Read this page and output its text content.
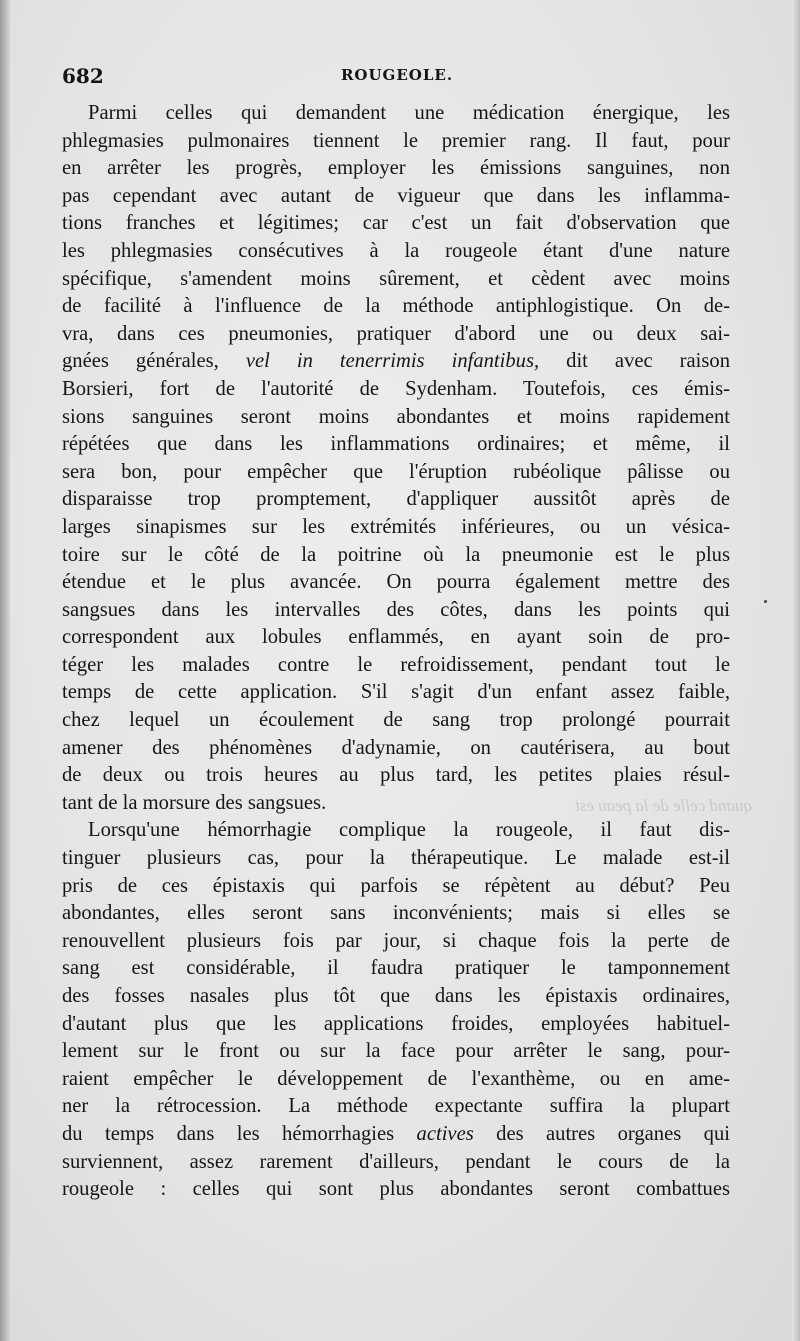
682	ROUGEOLE.
quand celle de la peau est
Parmi celles qui demandent une médication énergique, les
phlegmasies pulmonaires tiennent le premier rang. Il faut, pour
en arrêter les progrès, employer les émissions sanguines, non
pas cependant avec autant de vigueur que dans les inflamma-
tions franches et légitimes; car c'est un fait d'observation que
les phlegmasies consécutives à la rougeole étant d'une nature
spécifique, s'amendent moins sûrement, et cèdent avec moins
de facilité à l'influence de la méthode antiphlogistique. On de-
vra, dans ces pneumonies, pratiquer d'abord une ou deux sai-
gnées générales, vel in tenerrimis infantibus, dit avec raison
Borsieri, fort de l'autorité de Sydenham. Toutefois, ces émis-
sions sanguines seront moins abondantes et moins rapidement
répétées que dans les inflammations ordinaires; et même, il
sera bon, pour empêcher que l'éruption rubéolique pâlisse ou
disparaisse trop promptement, d'appliquer aussitôt après de
larges sinapismes sur les extrémités inférieures, ou un vésica-
toire sur le côté de la poitrine où la pneumonie est le plus
étendue et le plus avancée. On pourra également mettre des
sangsues dans les intervalles des côtes, dans les points qui
correspondent aux lobules enflammés, en ayant soin de pro-
téger les malades contre le refroidissement, pendant tout le
temps de cette application. S'il s'agit d'un enfant assez faible,
chez lequel un écoulement de sang trop prolongé pourrait
amener des phénomènes d'adynamie, on cautérisera, au bout
de deux ou trois heures au plus tard, les petites plaies résul-
tant de la morsure des sangsues.
Lorsqu'une hémorrhagie complique la rougeole, il faut dis-
tinguer plusieurs cas, pour la thérapeutique. Le malade est-il
pris de ces épistaxis qui parfois se répètent au début? Peu
abondantes, elles seront sans inconvénients; mais si elles se
renouvellent plusieurs fois par jour, si chaque fois la perte de
sang est considérable, il faudra pratiquer le tamponnement
des fosses nasales plus tôt que dans les épistaxis ordinaires,
d'autant plus que les applications froides, employées habituel-
lement sur le front ou sur la face pour arrêter le sang, pour-
raient empêcher le développement de l'exanthème, ou en ame-
ner la rétrocession. La méthode expectante suffira la plupart
du temps dans les hémorrhagies actives des autres organes qui
surviennent, assez rarement d'ailleurs, pendant le cours de la
rougeole : celles qui sont plus abondantes seront combattues
